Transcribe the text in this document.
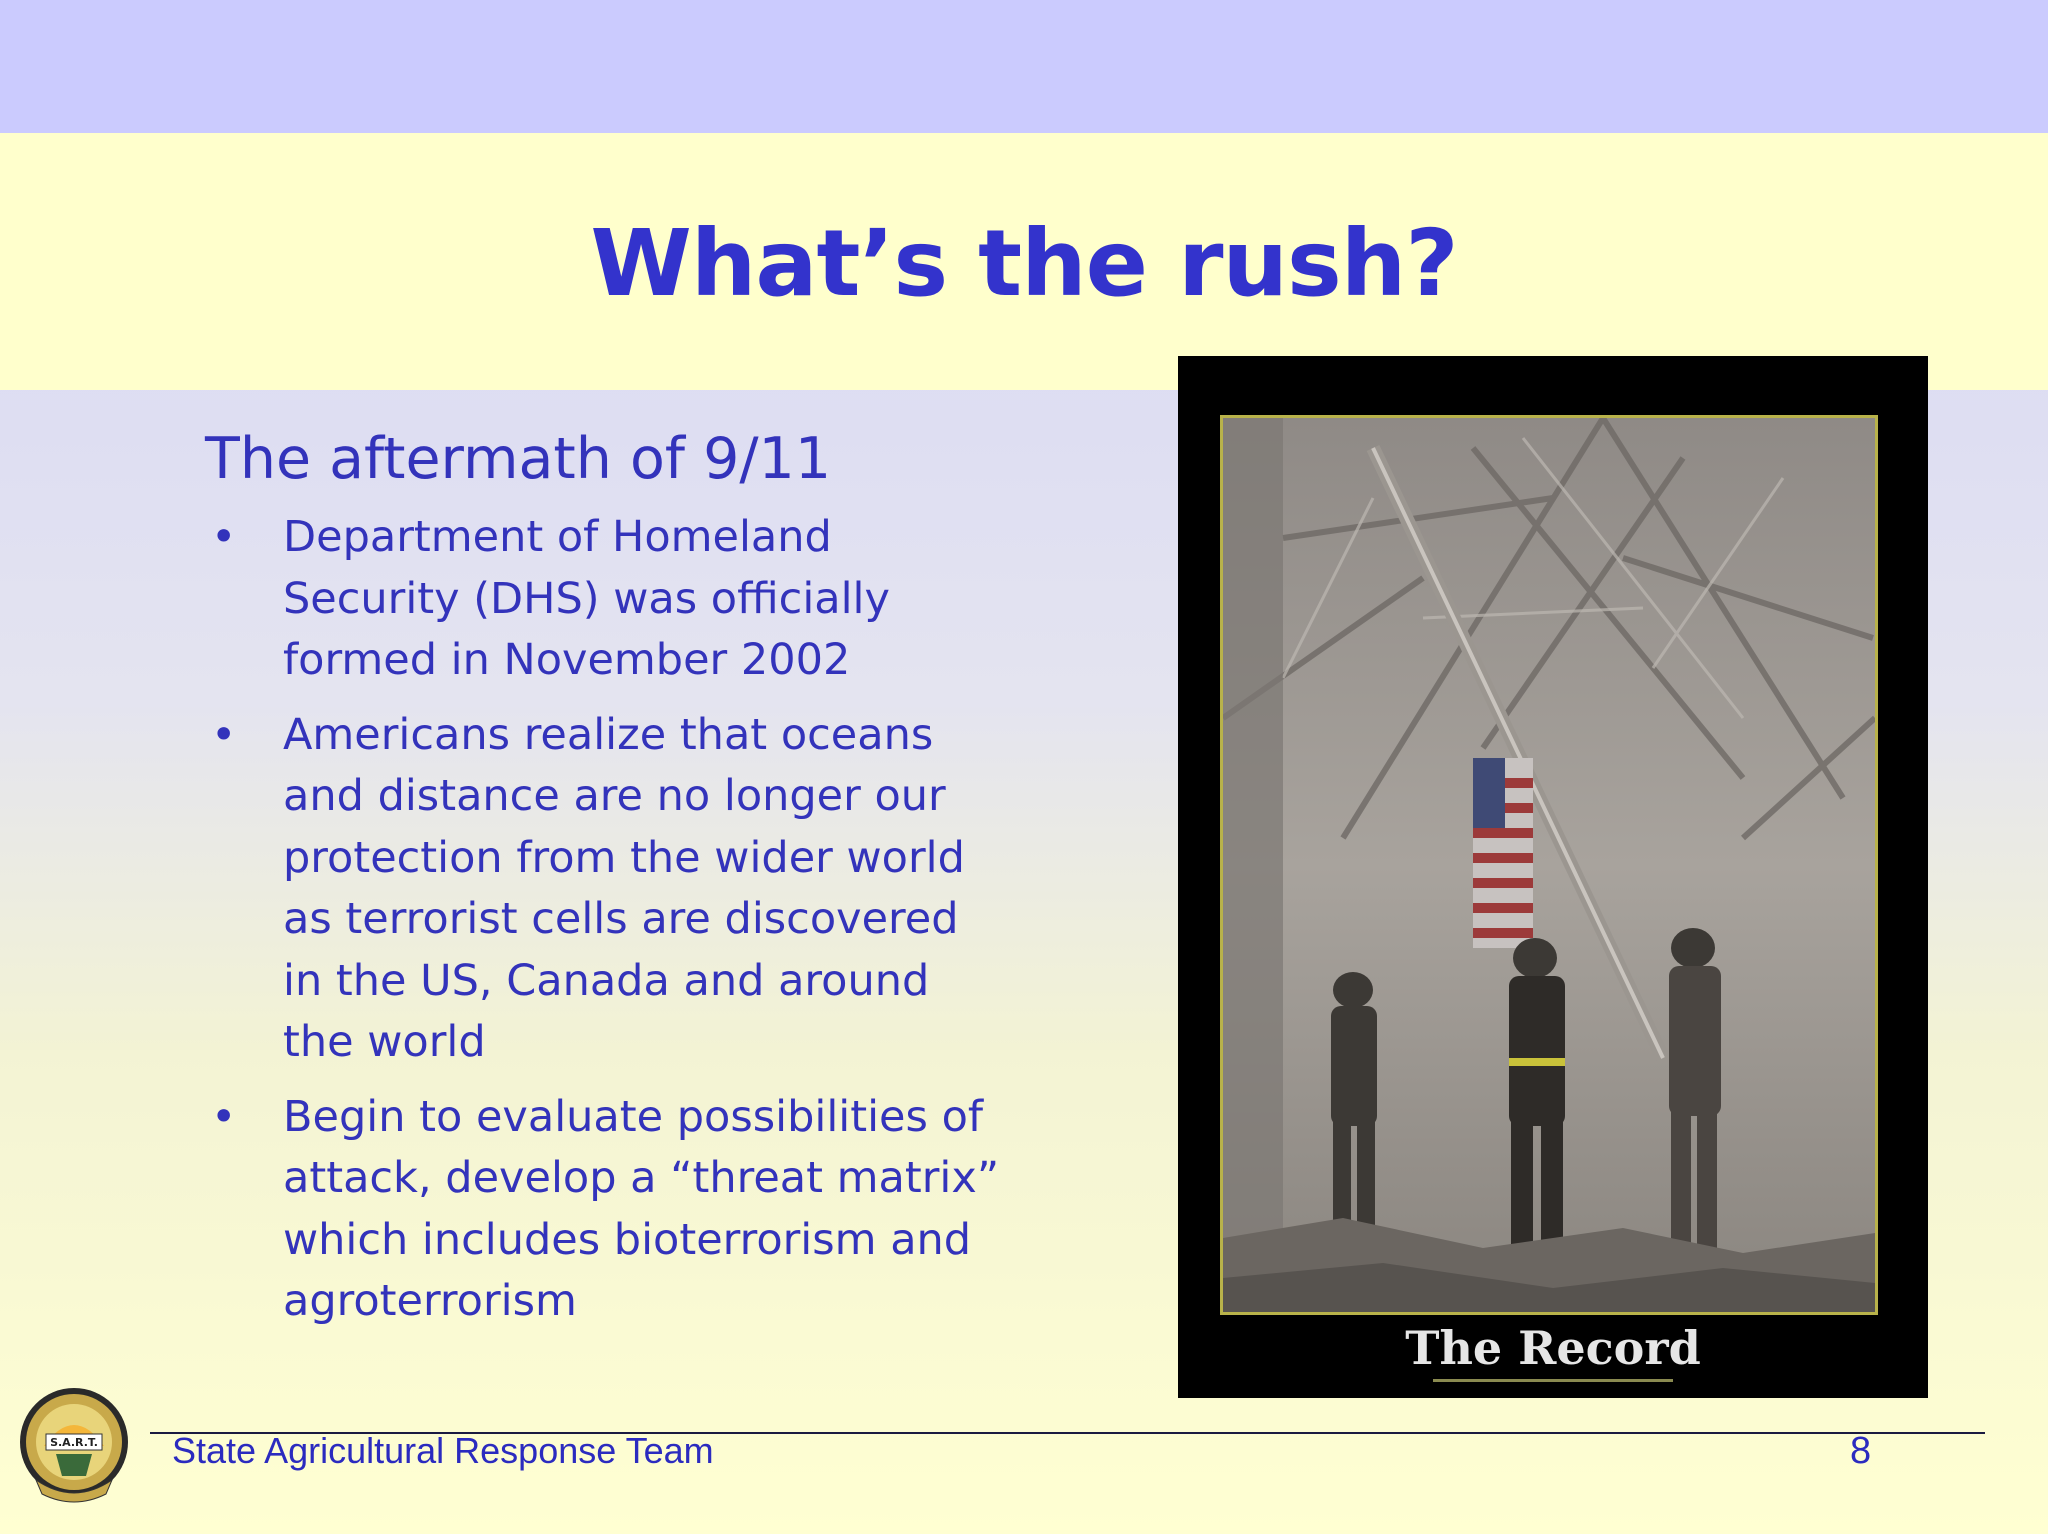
What’s the rush?
The aftermath of 9/11
• Department of Homeland Security (DHS) was officially formed in November 2002
• Americans realize that oceans and distance are no longer our protection from the wider world as terrorist cells are discovered in the US, Canada and around the world
• Begin to evaluate possibilities of attack, develop a “threat matrix” which includes bioterrorism and agroterrorism
The Record
S.A.R.T. State Agricultural Response Team	8
